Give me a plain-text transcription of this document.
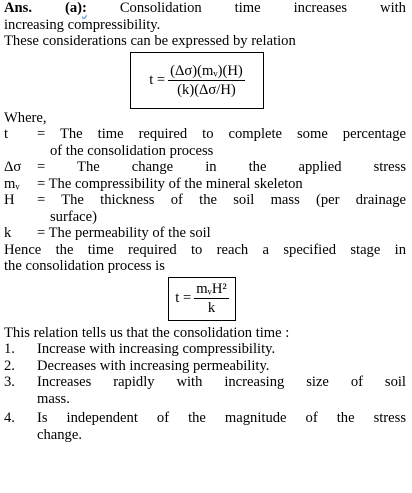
Ans. (a): Consolidation time increases with

increasing compressibility.

These considerations can be expressed by relation

$t = \frac{\text{(Δσ)(mᵥ)(H)}}{(k)(\Delta\sigma/H)}$

Where,

t = The time required to complete some percentage
of the consolidation process
Δσ = The change in the applied stress
mᵥ = The compressibility of the mineral skeleton
H = The thickness of the soil mass (per drainage
surface)
k = The permeability of the soil

Hence the time required to reach a specified stage in

the consolidation process is

$t = \frac{\text{mᵥH²}}{k}$

This relation tells us that the consolidation time :

1. Increase with increasing compressibility.
2. Decreases with increasing permeability.
3. Increases rapidly with increasing size of soil
mass.
4. Is independent of the magnitude of the stress
change.
